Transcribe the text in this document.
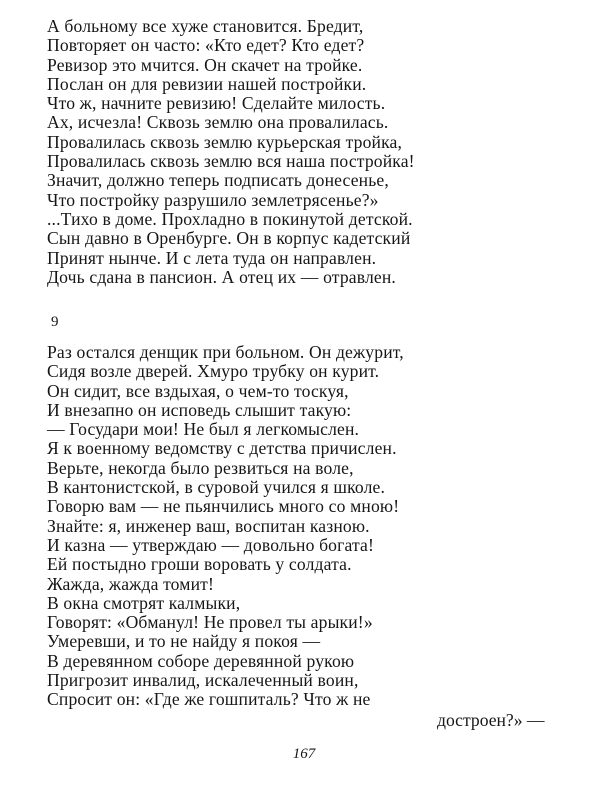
А больному все хуже становится. Бредит,
Повторяет он часто: «Кто едет? Кто едет?
Ревизор это мчится. Он скачет на тройке.
Послан он для ревизии нашей постройки.
Что ж, начните ревизию! Сделайте милость.
Ах, исчезла! Сквозь землю она провалилась.
Провалилась сквозь землю курьерская тройка,
Провалилась сквозь землю вся наша постройка!
Значит, должно теперь подписать донесенье,
Что постройку разрушило землетрясенье?»
...Тихо в доме. Прохладно в покинутой детской.
Сын давно в Оренбурге. Он в корпус кадетский
Принят нынче. И с лета туда он направлен.
Дочь сдана в пансион. А отец их — отравлен.
9
Раз остался денщик при больном. Он дежурит,
Сидя возле дверей. Хмуро трубку он курит.
Он сидит, все вздыхая, о чем-то тоскуя,
И внезапно он исповедь слышит такую:
— Государи мои! Не был я легкомыслен.
Я к военному ведомству с детства причислен.
Верьте, некогда было резвиться на воле,
В кантонистской, в суровой учился я школе.
Говорю вам — не пьянчились много со мною!
Знайте: я, инженер ваш, воспитан казною.
И казна — утверждаю — довольно богата!
Ей постыдно гроши воровать у солдата.
Жажда, жажда томит!
В окна смотрят калмыки,
Говорят: «Обманул! Не провел ты арыки!»
Умеревши, и то не найду я покоя —
В деревянном соборе деревянной рукою
Пригрозит инвалид, искалеченный воин,
Спросит он: «Где же гошпиталь? Что ж не
достроен?» —
167
